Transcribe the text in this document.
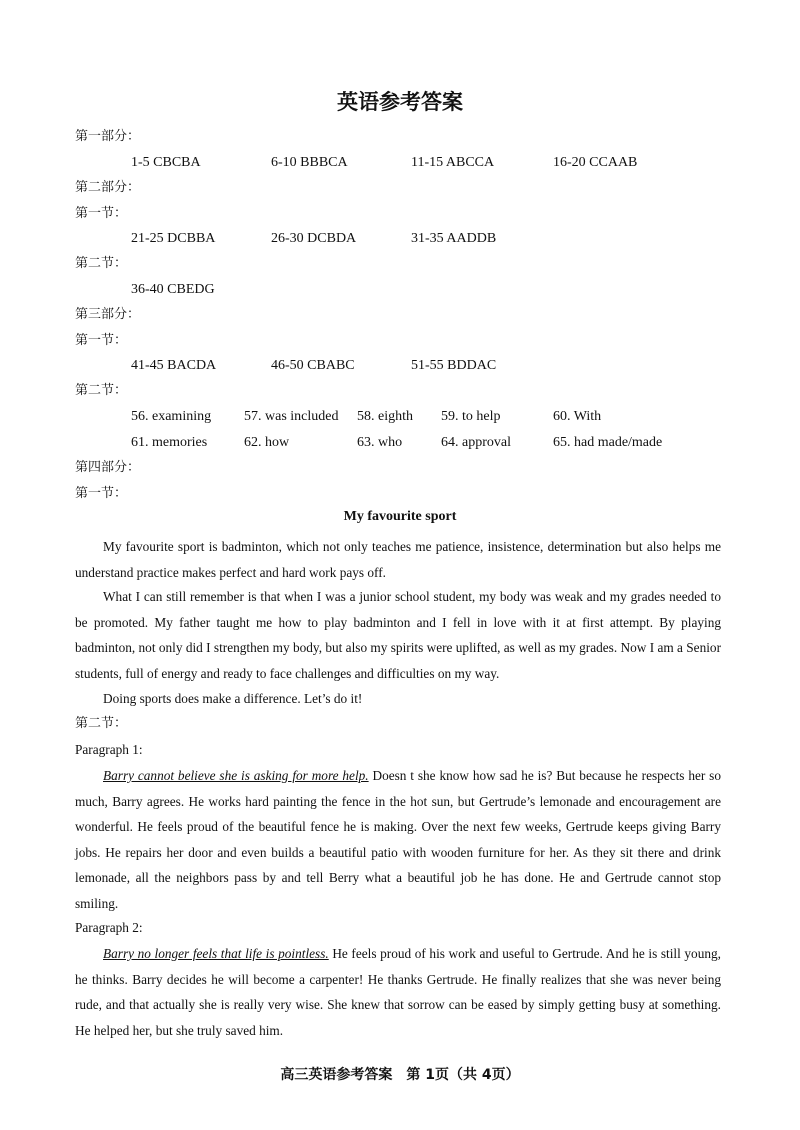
英语参考答案
第一部分：
1-5 CBCBA	6-10 BBBCA	11-15 ABCCA	16-20 CCAAB
第二部分：
第一节：
21-25 DCBBA	26-30 DCBDA	31-35 AADDB
第二节：
36-40 CBEDG
第三部分：
第一节：
41-45 BACDA	46-50 CBABC	51-55 BDDAC
第二节：
56. examining 57. was included 58. eighth 59. to help	60. With
61. memories	62. how	63. who	64. approval	65. had made/made
第四部分：
第一节：
My favourite sport

My favourite sport is badminton, which not only teaches me patience, insistence, determination but also helps me understand practice makes perfect and hard work pays off.

What I can still remember is that when I was a junior school student, my body was weak and my grades needed to be promoted. My father taught me how to play badminton and I fell in love with it at first attempt. By playing badminton, not only did I strengthen my body, but also my spirits were uplifted, as well as my grades. Now I am a Senior students, full of energy and ready to face challenges and difficulties on my way.

Doing sports does make a difference. Let’s do it!

第二节：
Paragraph 1:

Barry cannot believe she is asking for more help. Doesn t she know how sad he is? But because he respects her so much, Barry agrees. He works hard painting the fence in the hot sun, but Gertrude’s lemonade and encouragement are wonderful. He feels proud of the beautiful fence he is making. Over the next few weeks, Gertrude keeps giving Barry jobs. He repairs her door and even builds a beautiful patio with wooden furniture for her. As they sit there and drink lemonade, all the neighbors pass by and tell Berry what a beautiful job he has done. He and Gertrude cannot stop smiling.

Paragraph 2:

Barry no longer feels that life is pointless. He feels proud of his work and useful to Gertrude. And he is still young, he thinks. Barry decides he will become a carpenter! He thanks Gertrude. He finally realizes that she was never being rude, and that actually she is really very wise. She knew that sorrow can be eased by simply getting busy at something. He helped her, but she truly saved him.

高三英语参考答案　第 1页（共 4页）
